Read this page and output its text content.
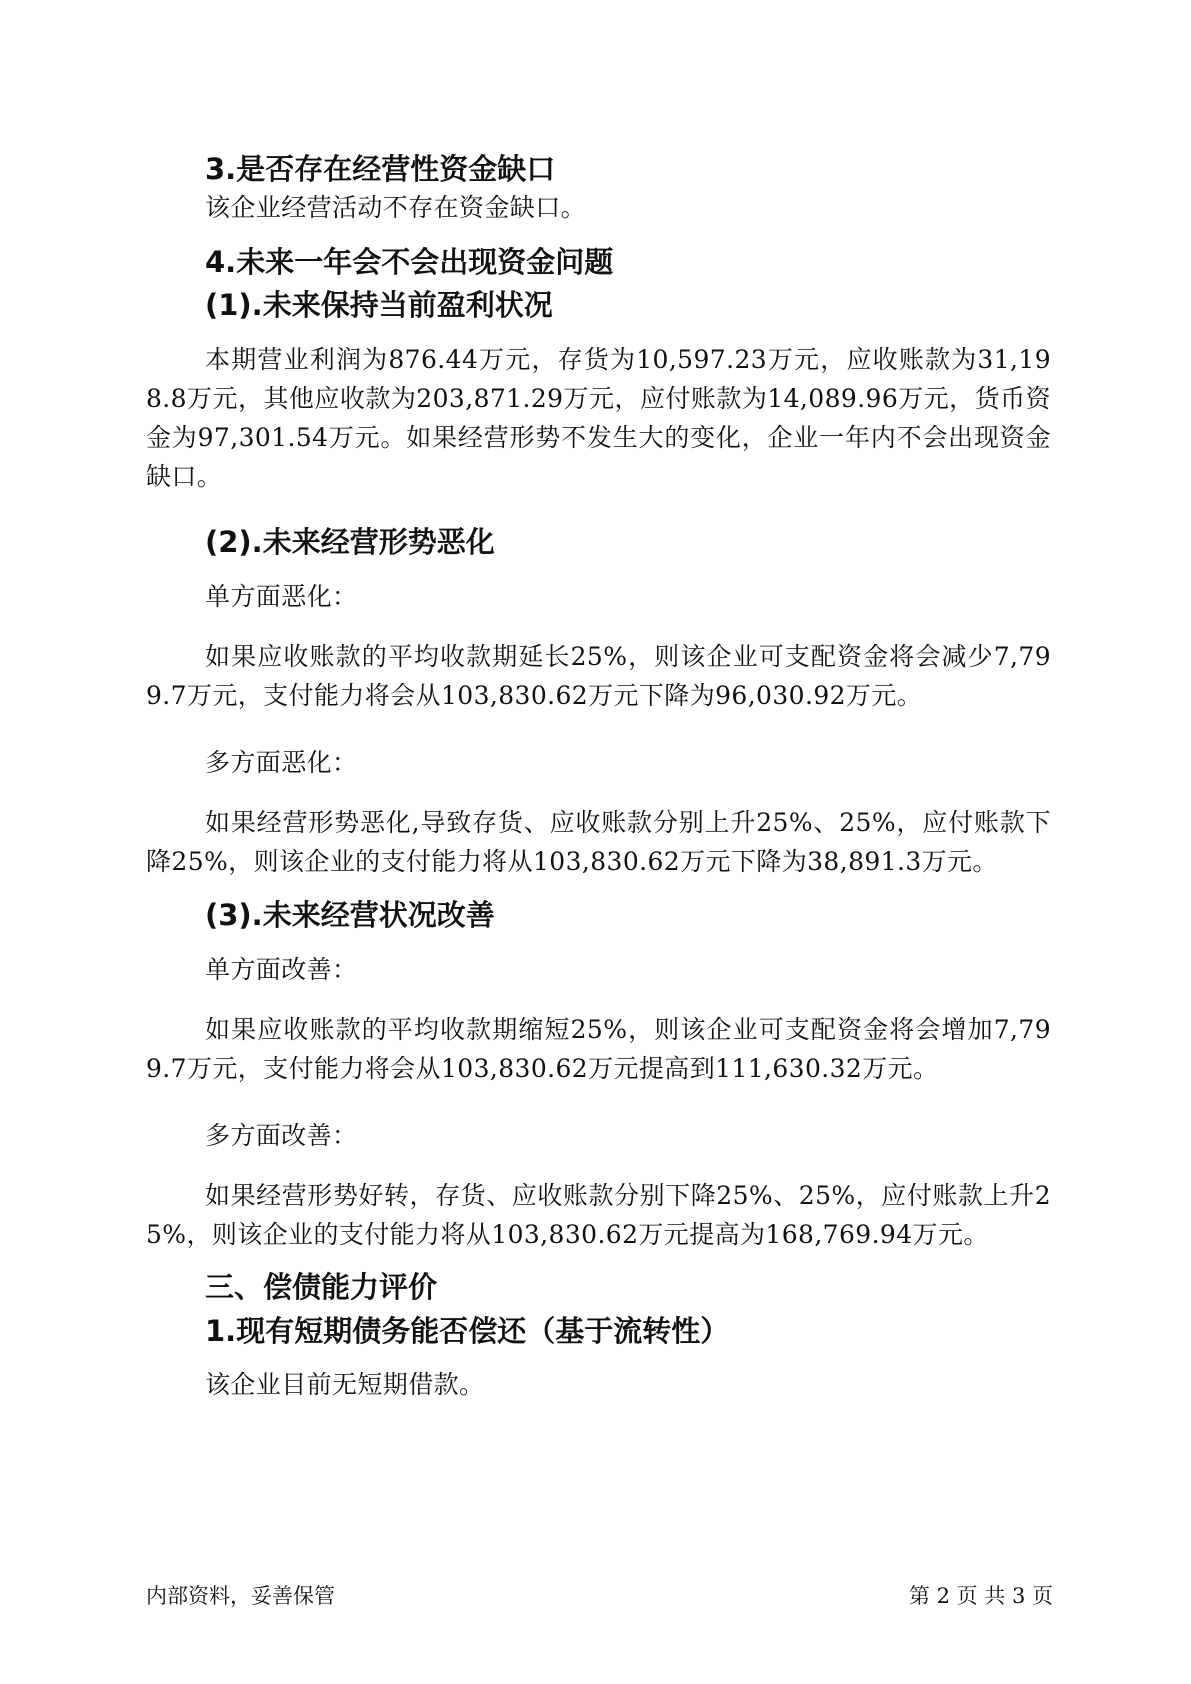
3.是否存在经营性资金缺口

该企业经营活动不存在资金缺口。

4.未来一年会不会出现资金问题
(1).未来保持当前盈利状况

本期营业利润为876.44万元，存货为10,597.23万元，应收账款为31,198.8万元，其他应收款为203,871.29万元，应付账款为14,089.96万元，货币资金为97,301.54万元。如果经营形势不发生大的变化，企业一年内不会出现资金缺口。

(2).未来经营形势恶化

单方面恶化：

如果应收账款的平均收款期延长25%，则该企业可支配资金将会减少7,799.7万元，支付能力将会从103,830.62万元下降为96,030.92万元。

多方面恶化：

如果经营形势恶化,导致存货、应收账款分别上升25%、25%，应付账款下降25%，则该企业的支付能力将从103,830.62万元下降为38,891.3万元。

(3).未来经营状况改善

单方面改善：

如果应收账款的平均收款期缩短25%，则该企业可支配资金将会增加7,799.7万元，支付能力将会从103,830.62万元提高到111,630.32万元。

多方面改善：

如果经营形势好转，存货、应收账款分别下降25%、25%，应付账款上升25%，则该企业的支付能力将从103,830.62万元提高为168,769.94万元。

三、偿债能力评价
1.现有短期债务能否偿还（基于流转性）

该企业目前无短期借款。

内部资料，妥善保管	第 2 页 共 3 页
